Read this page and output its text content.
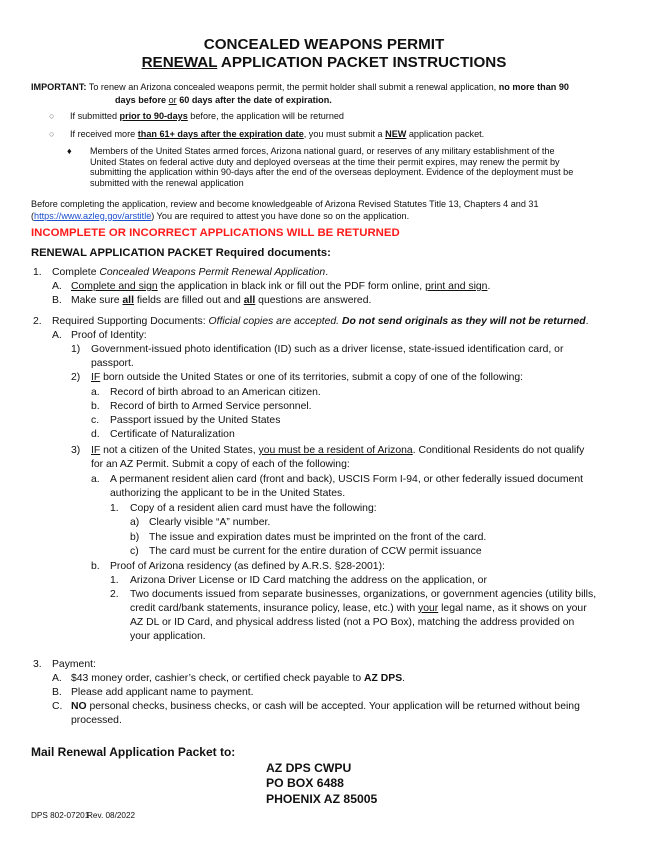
CONCEALED WEAPONS PERMIT
RENEWAL APPLICATION PACKET INSTRUCTIONS
IMPORTANT: To renew an Arizona concealed weapons permit, the permit holder shall submit a renewal application, no more than 90
days before or 60 days after the date of expiration.
○ If submitted prior to 90-days before, the application will be returned
○ If received more than 61+ days after the expiration date, you must submit a NEW application packet.
♦ Members of the United States armed forces, Arizona national guard, or reserves of any military establishment of the
United States on federal active duty and deployed overseas at the time their permit expires, may renew the permit by
submitting the application within 90-days after the end of the overseas deployment. Evidence of the deployment must be
submitted with the renewal application
Before completing the application, review and become knowledgeable of Arizona Revised Statutes Title 13, Chapters 4 and 31
(https://www.azleg.gov/arstitle) You are required to attest you have done so on the application.
INCOMPLETE OR INCORRECT APPLICATIONS WILL BE RETURNED
RENEWAL APPLICATION PACKET Required documents:
1. Complete Concealed Weapons Permit Renewal Application.
A. Complete and sign the application in black ink or fill out the PDF form online, print and sign.
B. Make sure all fields are filled out and all questions are answered.
2. Required Supporting Documents: Official copies are accepted. Do not send originals as they will not be returned.
A. Proof of Identity:
1) Government-issued photo identification (ID) such as a driver license, state-issued identification card, or
passport.
2) IF born outside the United States or one of its territories, submit a copy of one of the following:
a. Record of birth abroad to an American citizen.
b. Record of birth to Armed Service personnel.
c. Passport issued by the United States
d. Certificate of Naturalization
3) IF not a citizen of the United States, you must be a resident of Arizona. Conditional Residents do not qualify
for an AZ Permit. Submit a copy of each of the following:
a. A permanent resident alien card (front and back), USCIS Form I-94, or other federally issued document
authorizing the applicant to be in the United States.
1. Copy of a resident alien card must have the following:
a) Clearly visible “A” number.
b) The issue and expiration dates must be imprinted on the front of the card.
c) The card must be current for the entire duration of CCW permit issuance
b. Proof of Arizona residency (as defined by A.R.S. §28-2001):
1. Arizona Driver License or ID Card matching the address on the application, or
2. Two documents issued from separate businesses, organizations, or government agencies (utility bills,
credit card/bank statements, insurance policy, lease, etc.) with your legal name, as it shows on your
AZ DL or ID Card, and physical address listed (not a PO Box), matching the address provided on
your application.
3. Payment:
A. $43 money order, cashier’s check, or certified check payable to AZ DPS.
B. Please add applicant name to payment.
C. NO personal checks, business checks, or cash will be accepted. Your application will be returned without being
processed.
Mail Renewal Application Packet to:
AZ DPS CWPU
PO BOX 6488
PHOENIX AZ 85005
DPS 802-07201
Rev. 08/2022
